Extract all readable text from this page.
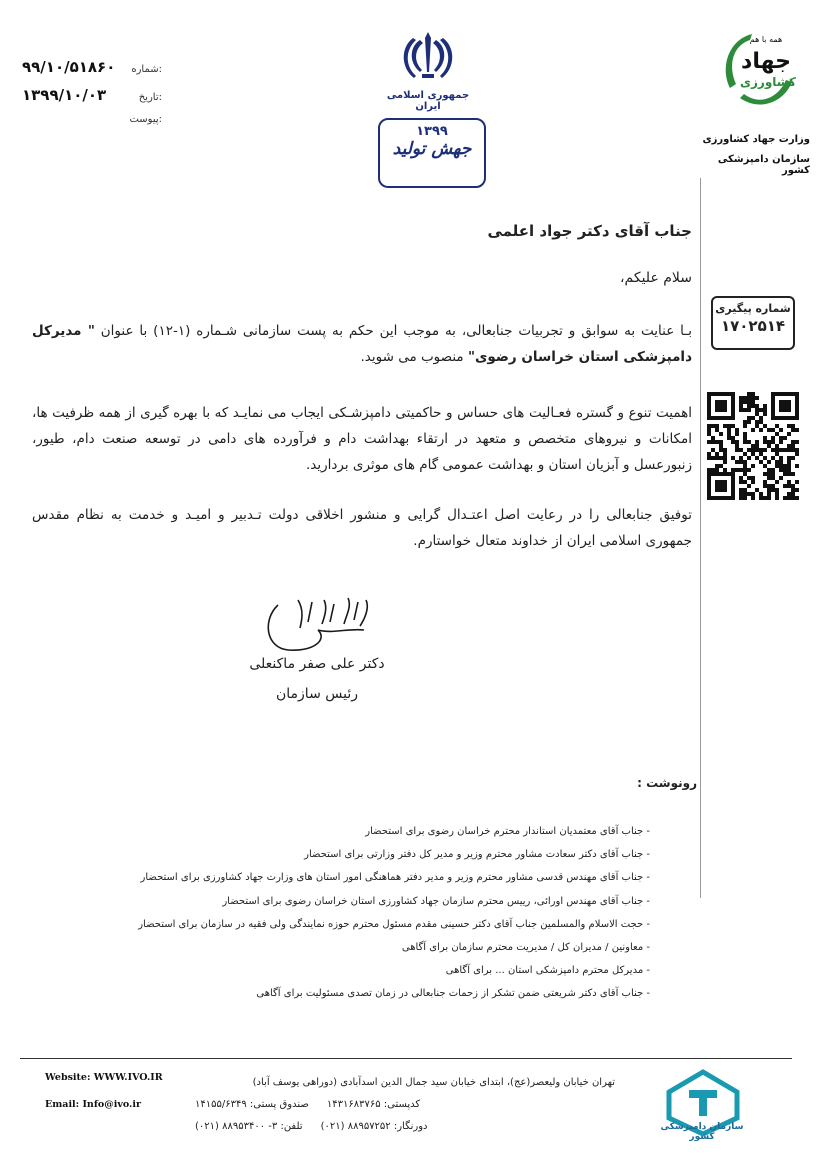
۹۹/۱۰/۵۱۸۶۰ شماره:
۱۳۹۹/۱۰/۰۳	تاریخ:
پیوست:
جمهوری اسلامی ایران
۱۳۹۹
جهش تولید
همه با هم
جهاد
کشاورزی
وزارت جهاد کشاورزی
سازمان دامپزشکی کشور
شماره پیگیری
۱۷۰۲۵۱۴
جناب آقای دکتر جواد اعلمی
سلام علیکم،
بـا عنایت به سوابق و تجربیات جنابعالی، به موجب این حکم به پست سازمانی شـماره (۱-۱۲) با عنوان " مدیرکل دامپزشکی استان خراسان رضوی" منصوب می شوید.
اهمیت تنوع و گستره فعـالیت های حساس و حاکمیتی دامپزشـکی ایجاب می نمایـد که با بهره گیری از همه ظرفیت ها، امکانات و نیروهای متخصص و متعهد در ارتقاء بهداشت دام و فرآورده های دامی در توسعه صنعت دام، طیور، زنبورعسل و آبزیان استان و بهداشت عمومی گام های موثری بردارید.
توفیق جنابعالی را در رعایت اصل اعتـدال گرایی و منشور اخلاقی دولت تـدبیر و امیـد و خدمت به نظام مقدس جمهوری اسلامی ایران از خداوند متعال خواستارم.
دکتر علی صفر ماکنعلی
رئیس سازمان
رونوشت :
- جناب آقای معتمدیان استاندار محترم خراسان رضوی برای استحضار
- جناب آقای دکتر سعادت مشاور محترم وزیر و مدیر کل دفتر وزارتی برای استحضار
- جناب آقای مهندس قدسی مشاور محترم وزیر و مدیر دفتر هماهنگی امور استان های وزارت جهاد کشاورزی برای استحضار
- جناب آقای مهندس اورائی، رییس محترم سازمان جهاد کشاورزی استان خراسان رضوی برای استحضار
- حجت الاسلام والمسلمین جناب آقای دکتر حسینی مقدم مسئول محترم حوزه نمایندگی ولی فقیه در سازمان برای استحضار
- معاونین / مدیران کل / مدیریت محترم سازمان برای آگاهی
- مدیرکل محترم دامپزشکی استان ... برای آگاهی
- جناب آقای دکتر شریعتی ضمن تشکر از زحمات جنابعالی در زمان تصدی مسئولیت برای آگاهی
Website: WWW.IVO.IR
Email: Info@ivo.ir
تهران خیابان ولیعصر(عج)، ابتدای خیابان سید جمال الدین اسدآبادی (دوراهی یوسف آباد)
صندوق پستی: ۱۴۱۵۵/۶۳۴۹ کدپستی: ۱۴۳۱۶۸۳۷۶۵
تلفن: ۳- ۸۸۹۵۳۴۰۰ (۰۲۱) دورنگار: ۸۸۹۵۷۲۵۲ (۰۲۱)	سازمان دامپزشکی کشور
